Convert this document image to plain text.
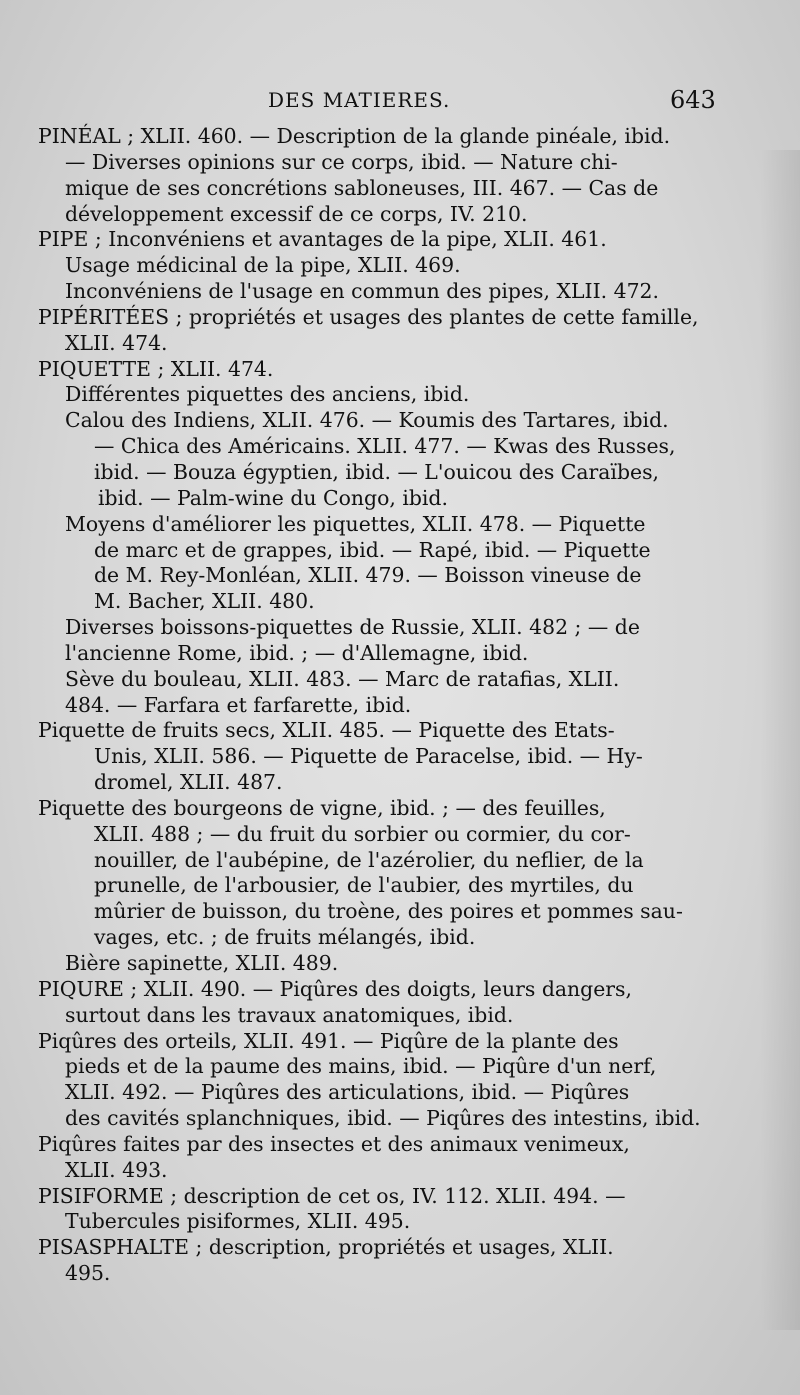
DES MATIERES.	643
PINÉAL ; XLII. 460. — Description de la glande pinéale, ibid.
— Diverses opinions sur ce corps, ibid. — Nature chi-
mique de ses concrétions sabloneuses, III. 467. — Cas de
développement excessif de ce corps, IV. 210.
PIPE ; Inconvéniens et avantages de la pipe, XLII. 461.
Usage médicinal de la pipe, XLII. 469.
Inconvéniens de l'usage en commun des pipes, XLII. 472.
PIPÉRITÉES ; propriétés et usages des plantes de cette famille,
XLII. 474.
PIQUETTE ; XLII. 474.
Différentes piquettes des anciens, ibid.
Calou des Indiens, XLII. 476. — Koumis des Tartares, ibid.
— Chica des Américains. XLII. 477. — Kwas des Russes,
ibid. — Bouza égyptien, ibid. — L'ouicou des Caraïbes,
ibid. — Palm-wine du Congo, ibid.
Moyens d'améliorer les piquettes, XLII. 478. — Piquette
de marc et de grappes, ibid. — Rapé, ibid. — Piquette
de M. Rey-Monléan, XLII. 479. — Boisson vineuse de
M. Bacher, XLII. 480.
Diverses boissons-piquettes de Russie, XLII. 482 ; — de
l'ancienne Rome, ibid. ; — d'Allemagne, ibid.
Sève du bouleau, XLII. 483. — Marc de ratafias, XLII.
484. — Farfara et farfarette, ibid.
Piquette de fruits secs, XLII. 485. — Piquette des Etats-
Unis, XLII. 586. — Piquette de Paracelse, ibid. — Hy-
dromel, XLII. 487.
Piquette des bourgeons de vigne, ibid. ; — des feuilles,
XLII. 488 ; — du fruit du sorbier ou cormier, du cor-
nouiller, de l'aubépine, de l'azérolier, du neflier, de la
prunelle, de l'arbousier, de l'aubier, des myrtiles, du
mûrier de buisson, du troène, des poires et pommes sau-
vages, etc. ; de fruits mélangés, ibid.
Bière sapinette, XLII. 489.
PIQURE ; XLII. 490. — Piqûres des doigts, leurs dangers,
surtout dans les travaux anatomiques, ibid.
Piqûres des orteils, XLII. 491. — Piqûre de la plante des
pieds et de la paume des mains, ibid. — Piqûre d'un nerf,
XLII. 492. — Piqûres des articulations, ibid. — Piqûres
des cavités splanchniques, ibid. — Piqûres des intestins, ibid.
Piqûres faites par des insectes et des animaux venimeux,
XLII. 493.
PISIFORME ; description de cet os, IV. 112. XLII. 494. —
Tubercules pisiformes, XLII. 495.
PISASPHALTE ; description, propriétés et usages, XLII.
495.
